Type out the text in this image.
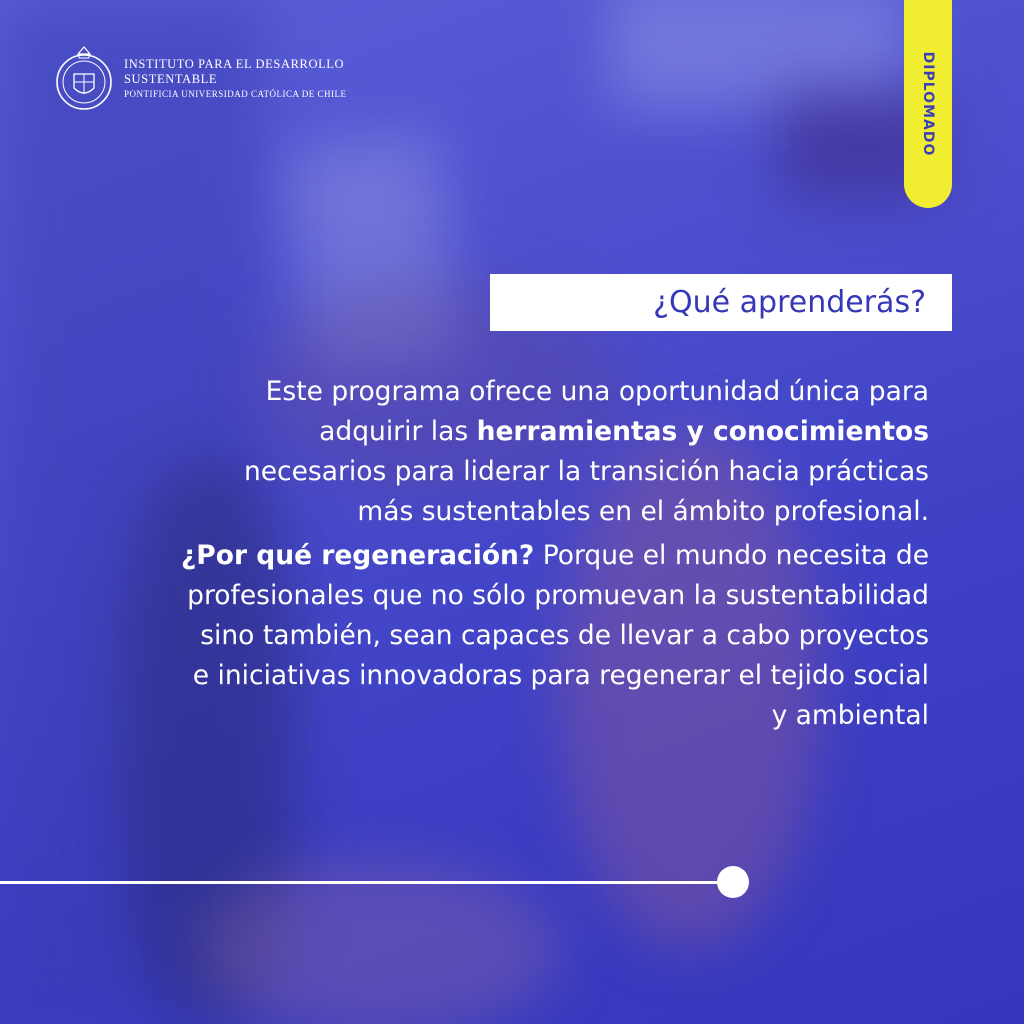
INSTITUTO PARA EL DESARROLLO
SUSTENTABLE
PONTIFICIA UNIVERSIDAD CATÓLICA DE CHILE	DIPLOMADO
¿Qué aprenderás?

Este programa ofrece una oportunidad única para adquirir las herramientas y conocimientos necesarios para liderar la transición hacia prácticas más sustentables en el ámbito profesional.

¿Por qué regeneración? Porque el mundo necesita de profesionales que no sólo promuevan la sustentabilidad sino también, sean capaces de llevar a cabo proyectos e iniciativas innovadoras para regenerar el tejido social y ambiental
